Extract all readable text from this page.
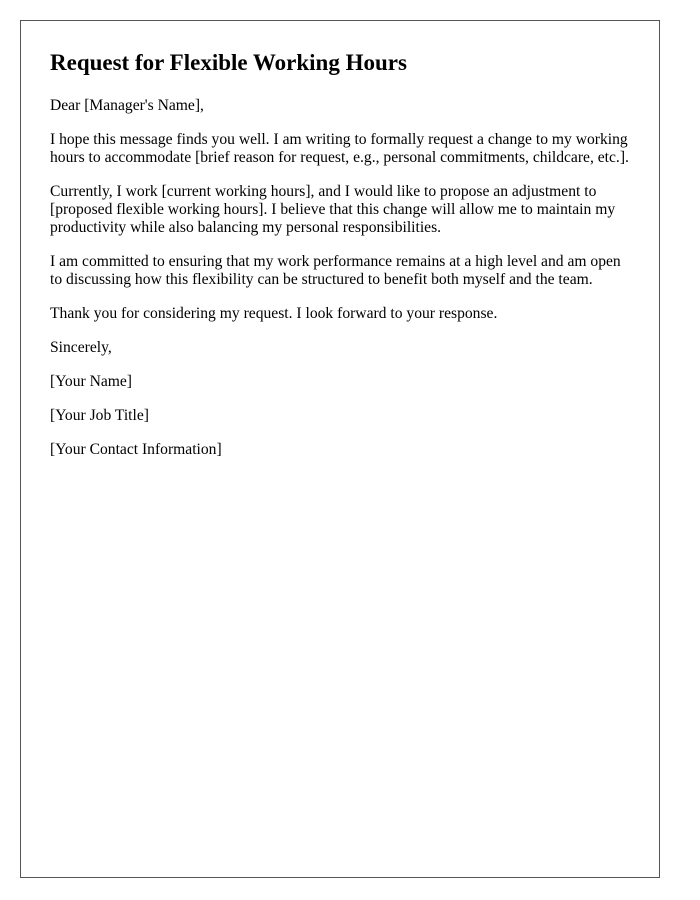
Request for Flexible Working Hours

Dear [Manager's Name],

I hope this message finds you well. I am writing to formally request a change to my working hours to accommodate [brief reason for request, e.g., personal commitments, childcare, etc.].

Currently, I work [current working hours], and I would like to propose an adjustment to [proposed flexible working hours]. I believe that this change will allow me to maintain my productivity while also balancing my personal responsibilities.

I am committed to ensuring that my work performance remains at a high level and am open to discussing how this flexibility can be structured to benefit both myself and the team.

Thank you for considering my request. I look forward to your response.

Sincerely,

[Your Name]

[Your Job Title]

[Your Contact Information]
